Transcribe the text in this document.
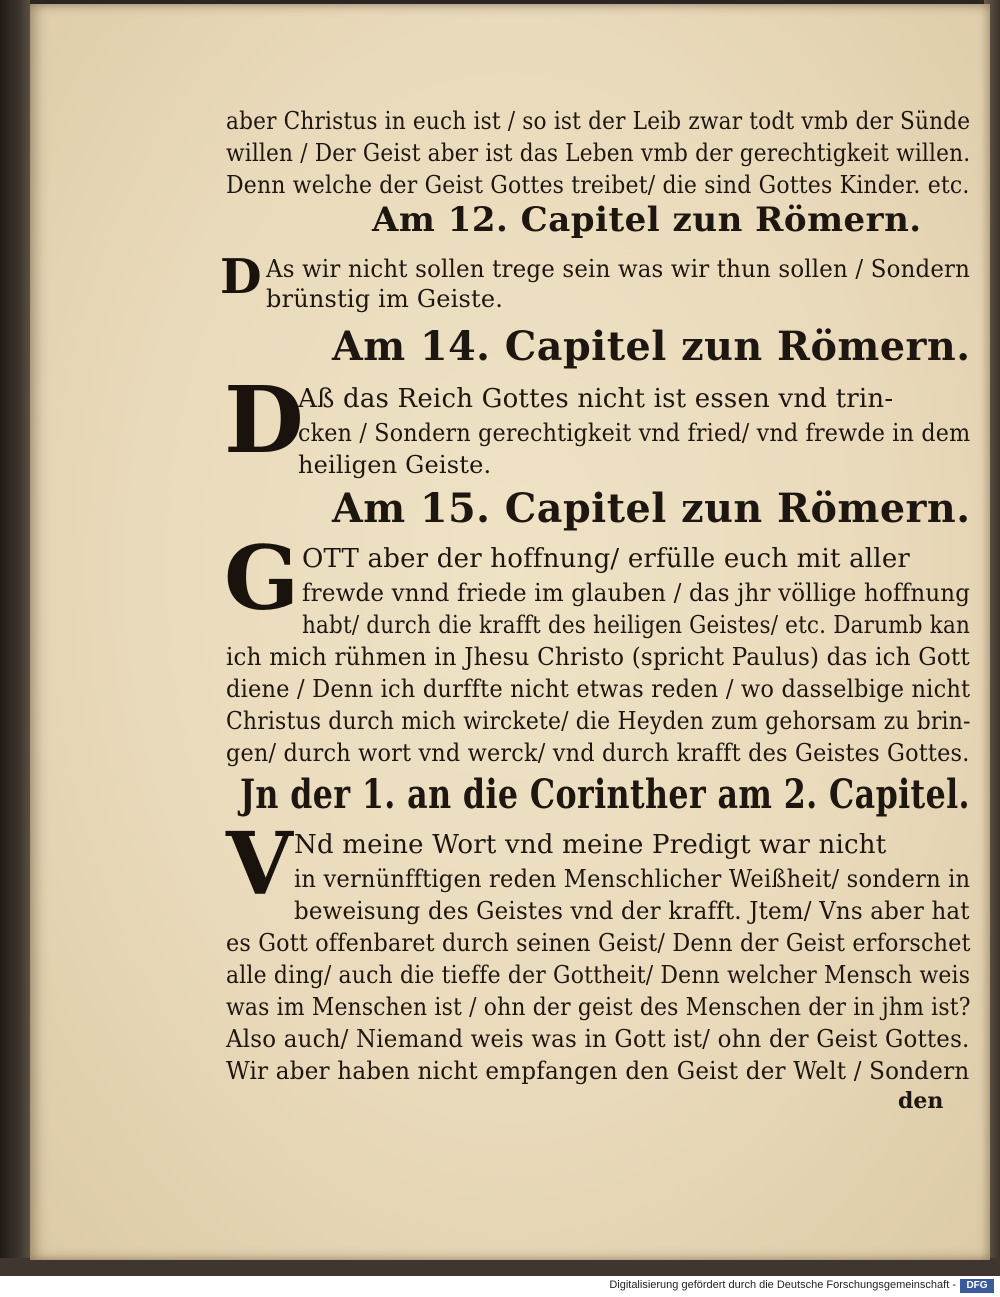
aber Christus in euch ist / so ist der Leib zwar todt vmb der Sünde
willen / Der Geist aber ist das Leben vmb der gerechtigkeit willen.
Denn welche der Geist Gottes treibet/ die sind Gottes Kinder. etc.
Am 12. Capitel zun Römern.
D As wir nicht sollen trege sein was wir thun sollen / Sondern
brünstig im Geiste.
Am 14. Capitel zun Römern.
D
Aß das Reich Gottes nicht ist essen vnd trin-
cken / Sondern gerechtigkeit vnd fried/ vnd frewde in dem
heiligen Geiste.
Am 15. Capitel zun Römern.
G OTT aber der hoffnung/ erfülle euch mit aller
frewde vnnd friede im glauben / das jhr völlige hoffnung
habt/ durch die krafft des heiligen Geistes/ etc. Darumb kan
ich mich rühmen in Jhesu Christo (spricht Paulus) das ich Gott
diene / Denn ich durffte nicht etwas reden / wo dasselbige nicht
Christus durch mich wirckete/ die Heyden zum gehorsam zu brin-
gen/ durch wort vnd werck/ vnd durch krafft des Geistes Gottes.
Jn der 1. an die Corinther am 2. Capitel.
V Nd meine Wort vnd meine Predigt war nicht
in vernünfftigen reden Menschlicher Weißheit/ sondern in
beweisung des Geistes vnd der krafft. Jtem/ Vns aber hat
es Gott offenbaret durch seinen Geist/ Denn der Geist erforschet
alle ding/ auch die tieffe der Gottheit/ Denn welcher Mensch weis
was im Menschen ist / ohn der geist des Menschen der in jhm ist?
Also auch/ Niemand weis was in Gott ist/ ohn der Geist Gottes.
Wir aber haben nicht empfangen den Geist der Welt / Sondern
den
Digitalisierung gefördert durch die Deutsche Forschungsgemeinschaft -	DFG
